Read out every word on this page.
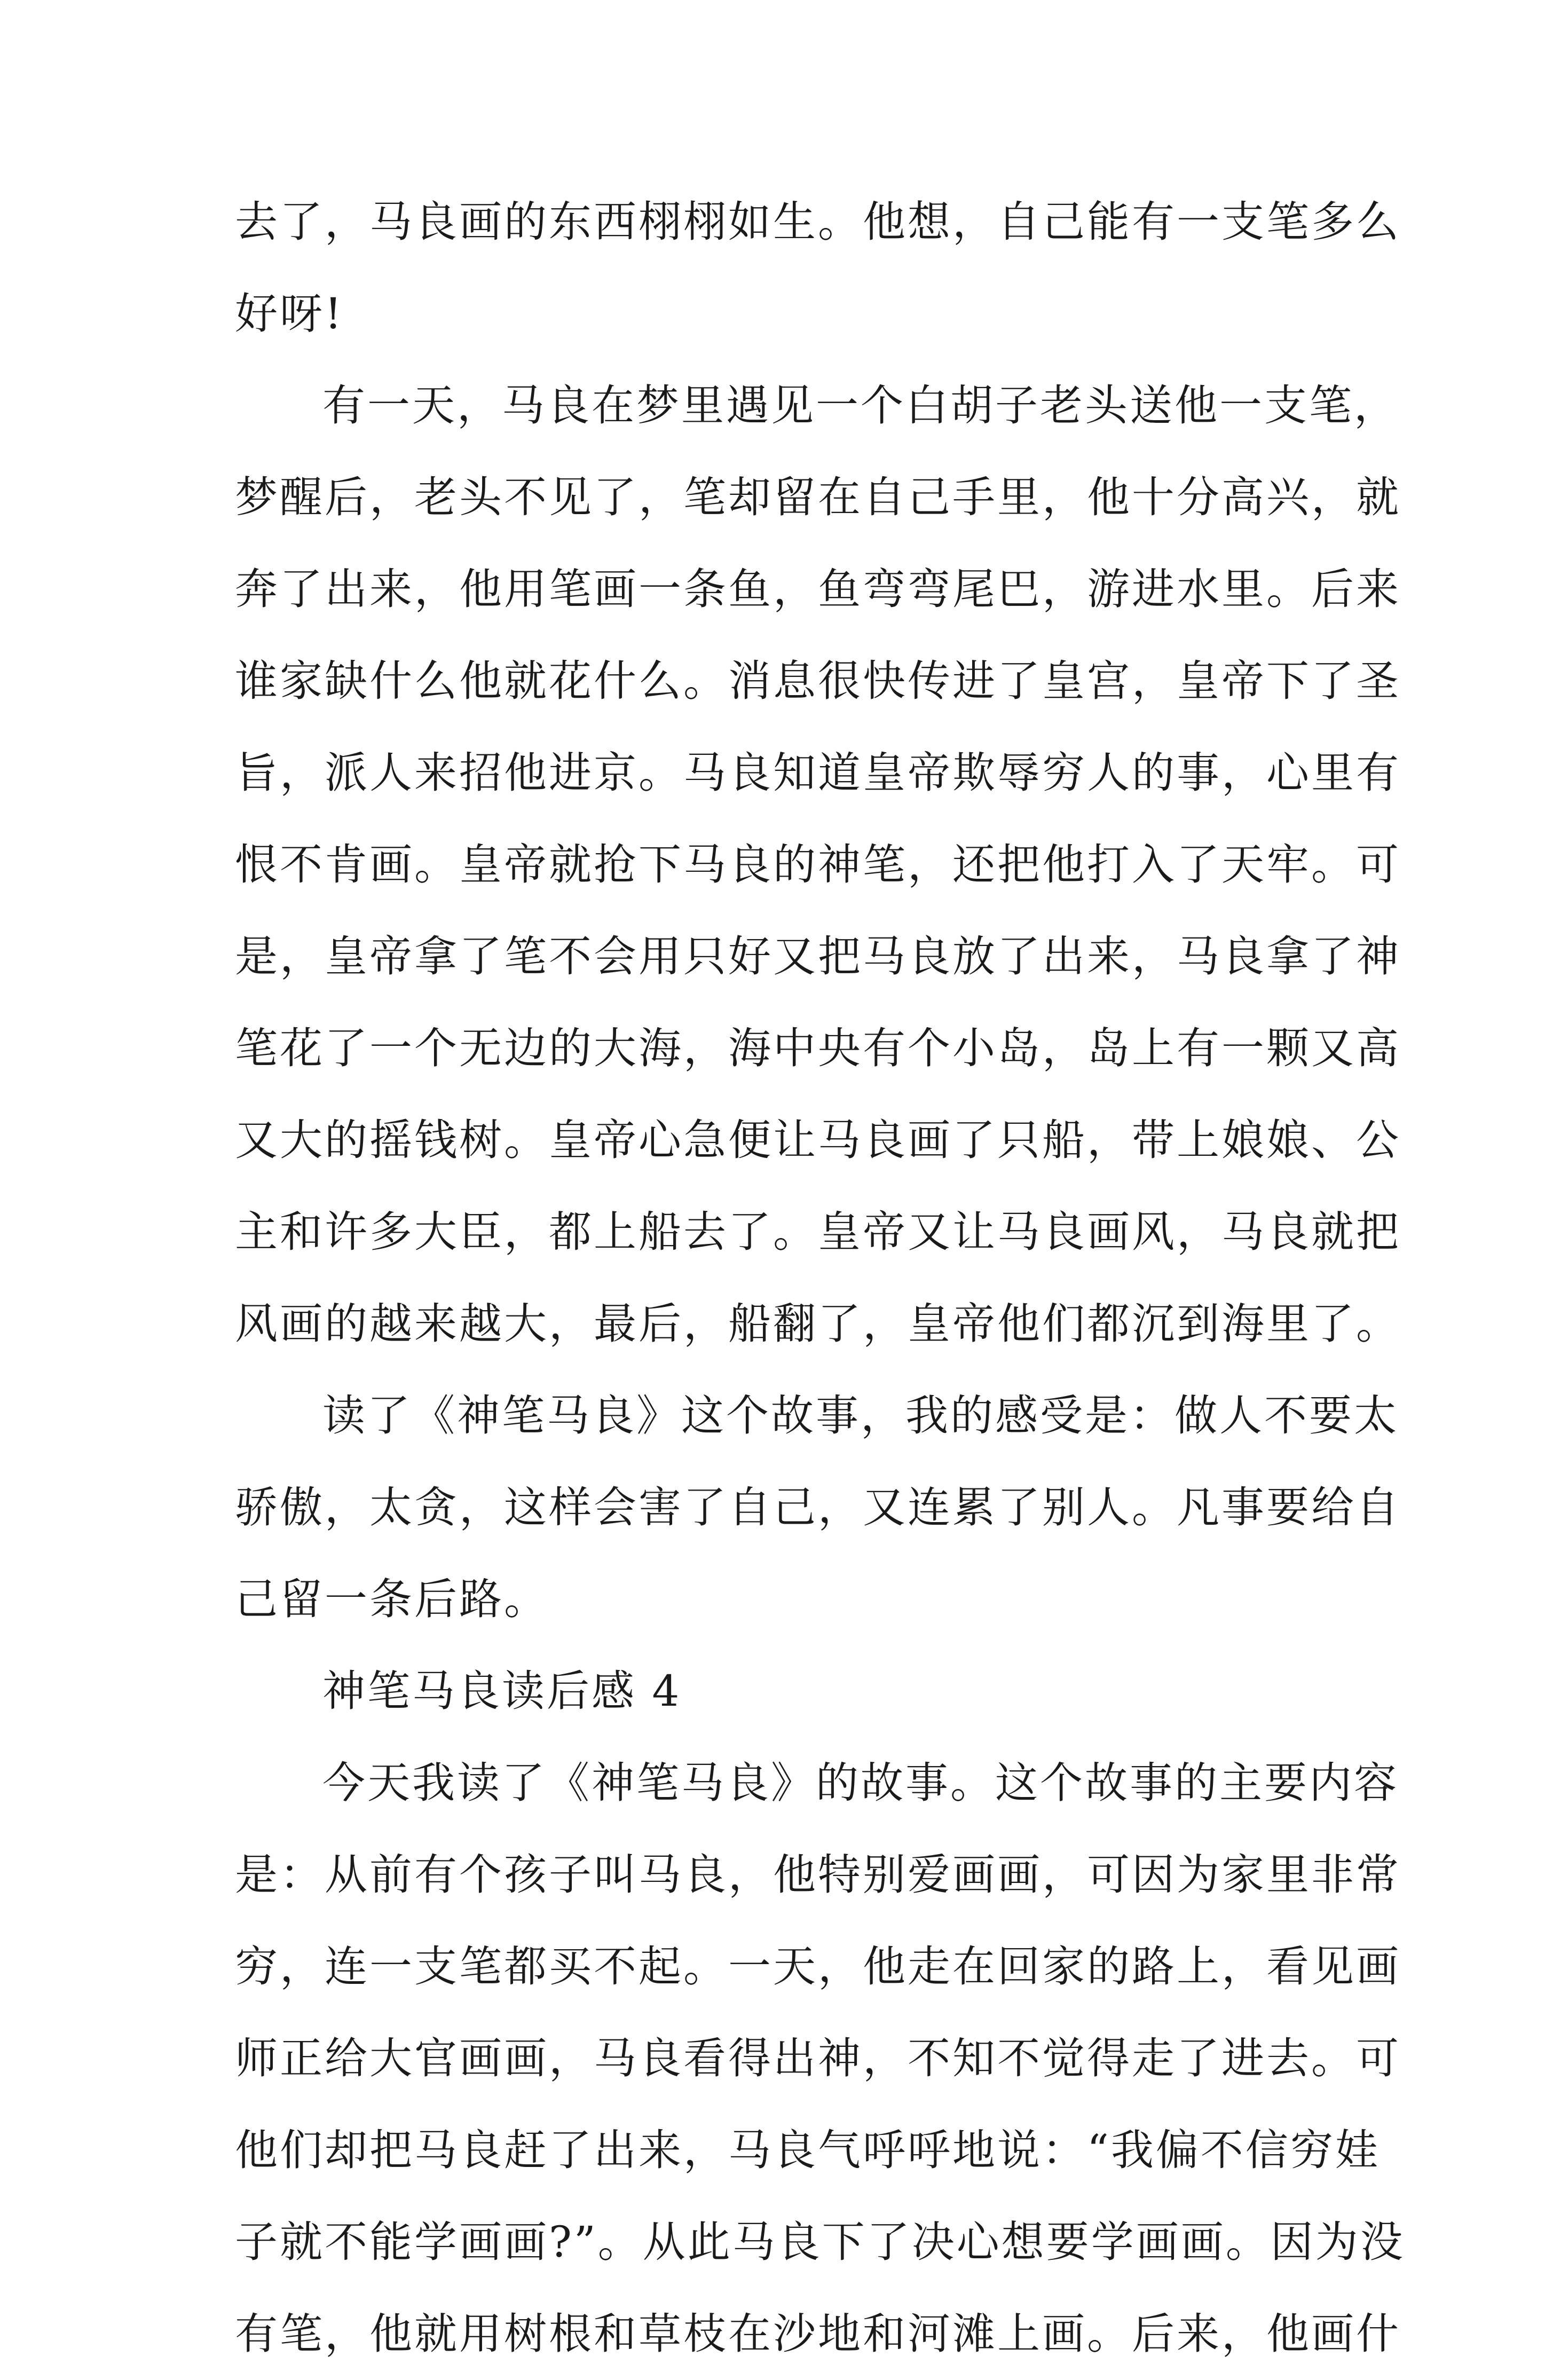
去了，马良画的东西栩栩如生。他想，自己能有一支笔多么
好呀!
有一天，马良在梦里遇见一个白胡子老头送他一支笔，
梦醒后，老头不见了，笔却留在自己手里，他十分高兴，就
奔了出来，他用笔画一条鱼，鱼弯弯尾巴，游进水里。后来
谁家缺什么他就花什么。消息很快传进了皇宫，皇帝下了圣
旨，派人来招他进京。马良知道皇帝欺辱穷人的事，心里有
恨不肯画。皇帝就抢下马良的神笔，还把他打入了天牢。可
是，皇帝拿了笔不会用只好又把马良放了出来，马良拿了神
笔花了一个无边的大海，海中央有个小岛，岛上有一颗又高
又大的摇钱树。皇帝心急便让马良画了只船，带上娘娘、公
主和许多大臣，都上船去了。皇帝又让马良画风，马良就把
风画的越来越大，最后，船翻了，皇帝他们都沉到海里了。
读了《神笔马良》这个故事，我的感受是：做人不要太
骄傲，太贪，这样会害了自己，又连累了别人。凡事要给自
己留一条后路。
神笔马良读后感 4
今天我读了《神笔马良》的故事。这个故事的主要内容
是：从前有个孩子叫马良，他特别爱画画，可因为家里非常
穷，连一支笔都买不起。一天，他走在回家的路上，看见画
师正给大官画画，马良看得出神，不知不觉得走了进去。可
他们却把马良赶了出来，马良气呼呼地说：“我偏不信穷娃
子就不能学画画?”。从此马良下了决心想要学画画。因为没
有笔，他就用树根和草枝在沙地和河滩上画。后来，他画什
